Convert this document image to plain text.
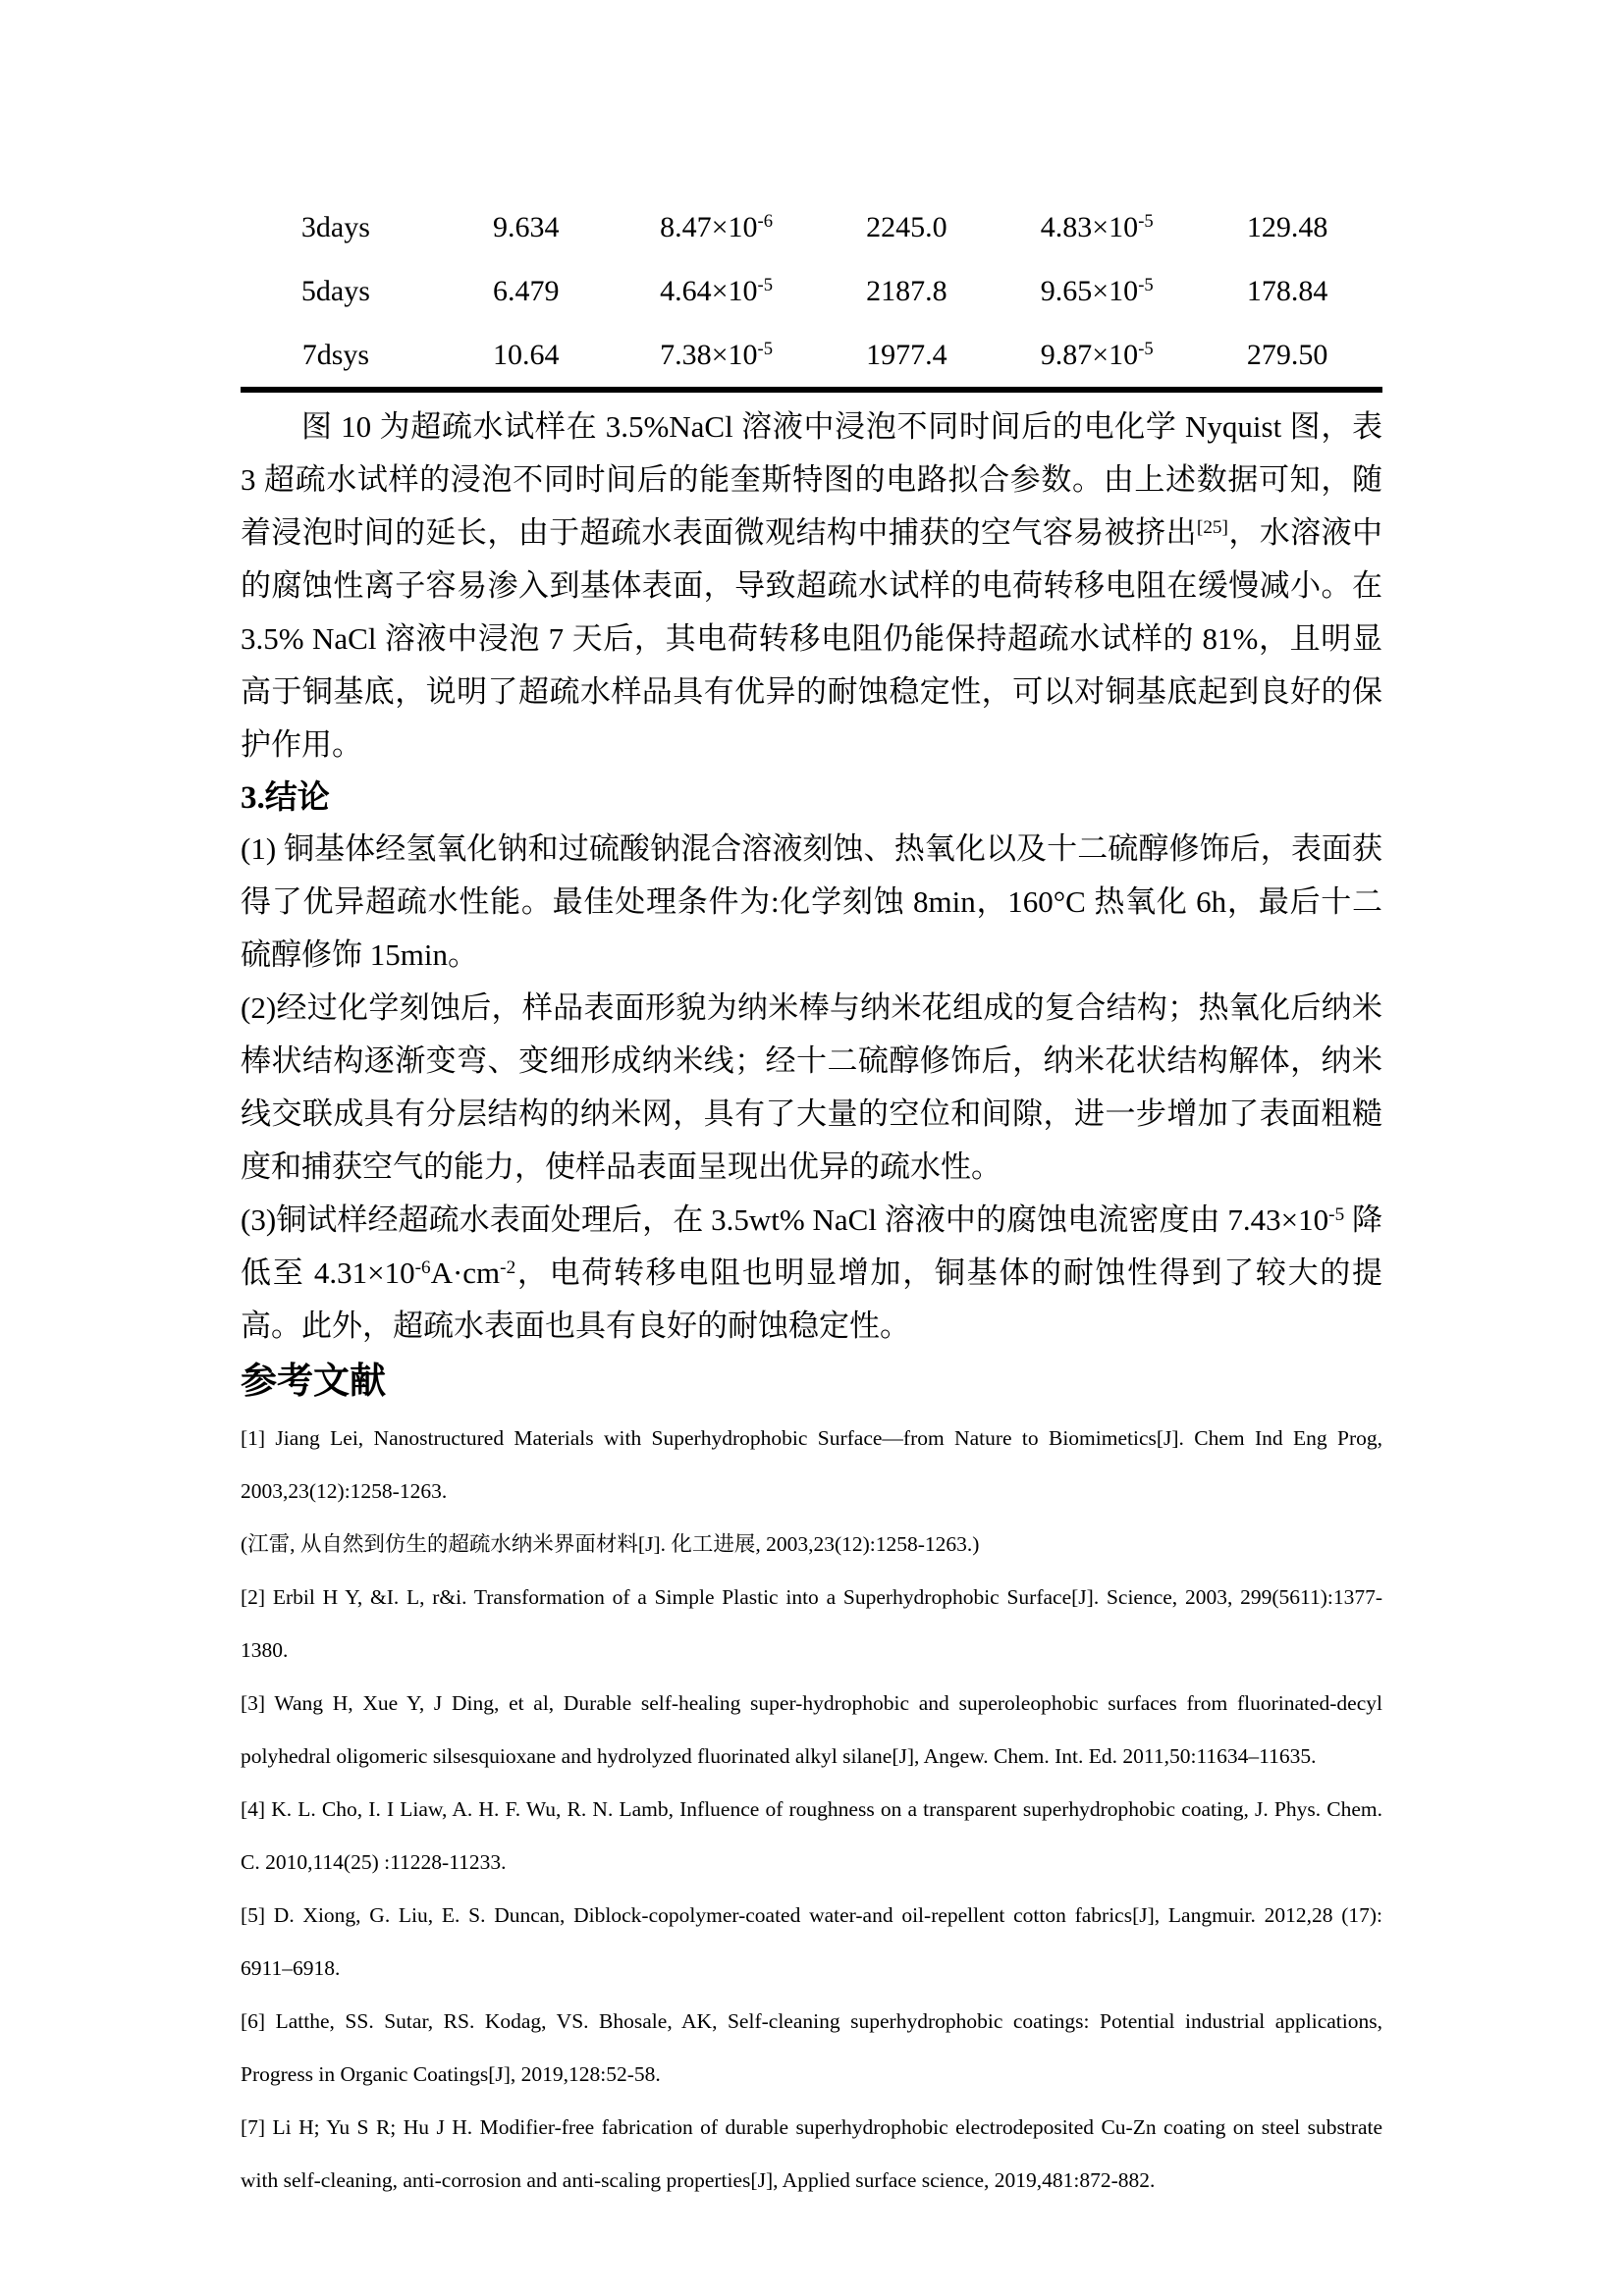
3days	9.634	$8.47\times 10^{-6}$	2245.0	$4.83\times 10^{-5}$	129.48
5days	6.479	$4.64\times 10^{-5}$	2187.8	$9.65\times 10^{-5}$	178.84
7dsys	10.64	$7.38\times 10^{-5}$	1977.4	$9.87\times 10^{-5}$	279.50

图 10 为超疏水试样在 3.5%NaCl 溶液中浸泡不同时间后的电化学 Nyquist 图，表 3 超疏水试样的浸泡不同时间后的能奎斯特图的电路拟合参数。由上述数据可知，随着浸泡时间的延长，由于超疏水表面微观结构中捕获的空气容易被挤出[25]，水溶液中的腐蚀性离子容易渗入到基体表面，导致超疏水试样的电荷转移电阻在缓慢减小。在 3.5% NaCl 溶液中浸泡 7 天后，其电荷转移电阻仍能保持超疏水试样的 81%，且明显高于铜基底，说明了超疏水样品具有优异的耐蚀稳定性，可以对铜基底起到良好的保护作用。

3.结论

(1) 铜基体经氢氧化钠和过硫酸钠混合溶液刻蚀、热氧化以及十二硫醇修饰后，表面获得了优异超疏水性能。最佳处理条件为:化学刻蚀 8min，160°C 热氧化 6h，最后十二硫醇修饰 15min。

(2)经过化学刻蚀后，样品表面形貌为纳米棒与纳米花组成的复合结构；热氧化后纳米棒状结构逐渐变弯、变细形成纳米线；经十二硫醇修饰后，纳米花状结构解体，纳米线交联成具有分层结构的纳米网，具有了大量的空位和间隙，进一步增加了表面粗糙度和捕获空气的能力，使样品表面呈现出优异的疏水性。

(3)铜试样经超疏水表面处理后，在 3.5wt% NaCl 溶液中的腐蚀电流密度由 $7.43\times 10^{-5}$ 降低至 $4.31\times 10^{-6}A\cdot cm^{-2}$，电荷转移电阻也明显增加，铜基体的耐蚀性得到了较大的提高。此外，超疏水表面也具有良好的耐蚀稳定性。

参考文献

[1] Jiang Lei, Nanostructured Materials with Superhydrophobic Surface—from Nature to Biomimetics[J]. Chem Ind Eng Prog, 2003,23(12):1258-1263.

(江雷, 从自然到仿生的超疏水纳米界面材料[J]. 化工进展, 2003,23(12):1258-1263.)

[2] Erbil H Y, &I. L, r&i. Transformation of a Simple Plastic into a Superhydrophobic Surface[J]. Science, 2003, 299(5611):1377-1380.

[3] Wang H, Xue Y, J Ding, et al, Durable self-healing super-hydrophobic and superoleophobic surfaces from fluorinated-decyl polyhedral oligomeric silsesquioxane and hydrolyzed fluorinated alkyl silane[J], Angew. Chem. Int. Ed. 2011,50:11634–11635.

[4] K. L. Cho, I. I Liaw, A. H. F. Wu, R. N. Lamb, Influence of roughness on a transparent superhydrophobic coating, J. Phys. Chem. C. 2010,114(25) :11228-11233.

[5] D. Xiong, G. Liu, E. S. Duncan, Diblock-copolymer-coated water-and oil-repellent cotton fabrics[J], Langmuir. 2012,28 (17): 6911–6918.

[6] Latthe, SS. Sutar, RS. Kodag, VS. Bhosale, AK, Self-cleaning superhydrophobic coatings: Potential industrial applications, Progress in Organic Coatings[J], 2019,128:52-58.

[7] Li H; Yu S R; Hu J H. Modifier-free fabrication of durable superhydrophobic electrodeposited Cu-Zn coating on steel substrate with self-cleaning, anti-corrosion and anti-scaling properties[J], Applied surface science, 2019,481:872-882.
